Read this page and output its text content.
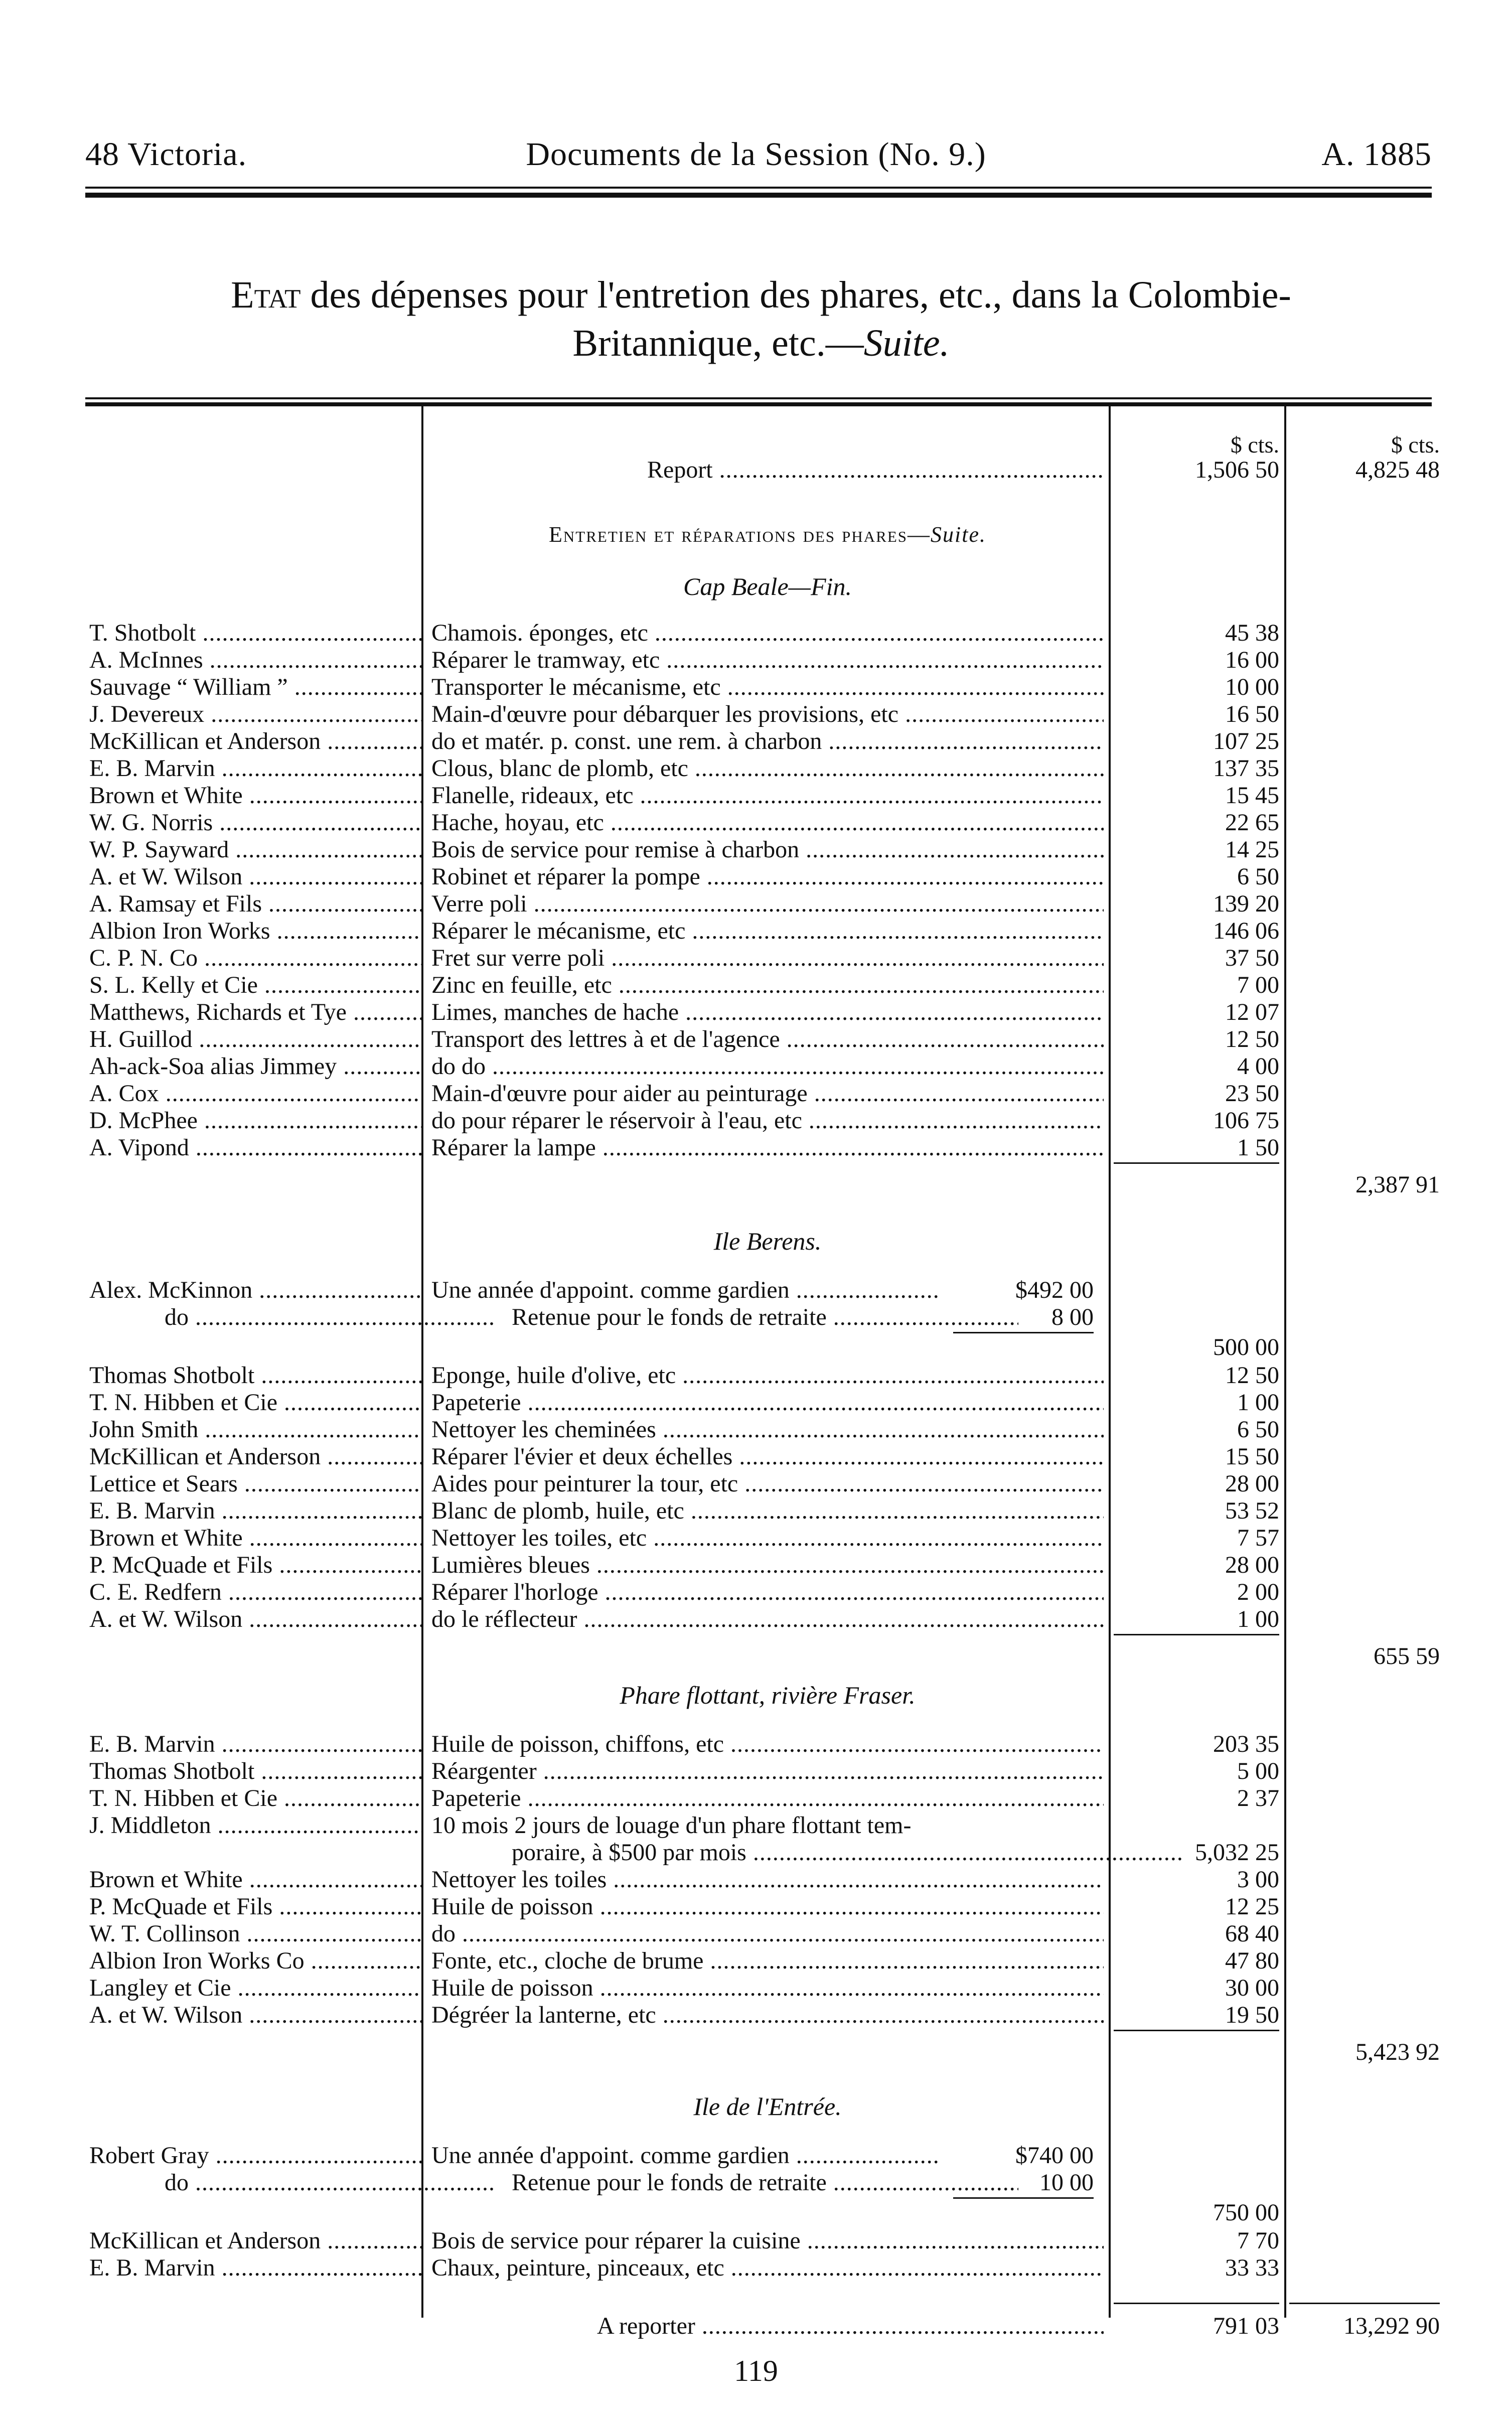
48 Victoria.	Documents de la Session (No. 9.)	A. 1885
Etat des dépenses pour l'entretion des phares, etc., dans la Colombie-
Britannique, etc.—Suite.
$ cts.	$ cts.
Report .....	1,506 50	4,825 48
Entretien et réparations des phares—Suite.
Cap Beale—Fin.
T. Shotbolt .....	Chamois. éponges, etc .....	45 38
A. McInnes .....	Réparer le tramway, etc .....	16 00
Sauvage “ William ” .....	Transporter le mécanisme, etc .....	10 00
J. Devereux .....	Main-d'œuvre pour débarquer les provisions, etc .....	16 50
McKillican et Anderson .....	do et matér. p. const. une rem. à charbon .....	107 25
E. B. Marvin .....	Clous, blanc de plomb, etc .....	137 35
Brown et White .....	Flanelle, rideaux, etc .....	15 45
W. G. Norris .....	Hache, hoyau, etc .....	22 65
W. P. Sayward .....	Bois de service pour remise à charbon .....	14 25
A. et W. Wilson .....	Robinet et réparer la pompe .....	6 50
A. Ramsay et Fils .....	Verre poli .....	139 20
Albion Iron Works .....	Réparer le mécanisme, etc .....	146 06
C. P. N. Co .....	Fret sur verre poli .....	37 50
S. L. Kelly et Cie .....	Zinc en feuille, etc .....	7 00
Matthews, Richards et Tye .....	Limes, manches de hache .....	12 07
H. Guillod .....	Transport des lettres à et de l'agence .....	12 50
Ah-ack-Soa alias Jimmey .....	do do .....	4 00
A. Cox .....	Main-d'œuvre pour aider au peinturage .....	23 50
D. McPhee .....	do pour réparer le réservoir à l'eau, etc .....	106 75
A. Vipond .....	Réparer la lampe .....	1 50
2,387 91
Ile Berens.
Alex. McKinnon .....	Une année d'appoint. comme gardien .....	$492 00
do .....	Retenue pour le fonds de retraite .....	8 00
500 00
Thomas Shotbolt .....	Eponge, huile d'olive, etc .....	12 50
T. N. Hibben et Cie .....	Papeterie .....	1 00
John Smith .....	Nettoyer les cheminées .....	6 50
McKillican et Anderson .....	Réparer l'évier et deux échelles .....	15 50
Lettice et Sears .....	Aides pour peinturer la tour, etc .....	28 00
E. B. Marvin .....	Blanc de plomb, huile, etc .....	53 52
Brown et White .....	Nettoyer les toiles, etc .....	7 57
P. McQuade et Fils .....	Lumières bleues .....	28 00
C. E. Redfern .....	Réparer l'horloge .....	2 00
A. et W. Wilson .....	do le réflecteur .....	1 00
655 59
Phare flottant, rivière Fraser.
E. B. Marvin .....	Huile de poisson, chiffons, etc .....	203 35
Thomas Shotbolt .....	Réargenter .....	5 00
T. N. Hibben et Cie .....	Papeterie .....	2 37
J. Middleton .....	10 mois 2 jours de louage d'un phare flottant tem-
poraire, à $500 par mois .....	5,032 25
Brown et White .....	Nettoyer les toiles .....	3 00
P. McQuade et Fils .....	Huile de poisson .....	12 25
W. T. Collinson .....	do .....	68 40
Albion Iron Works Co .....	Fonte, etc., cloche de brume .....	47 80
Langley et Cie .....	Huile de poisson .....	30 00
A. et W. Wilson .....	Dégréer la lanterne, etc .....	19 50
5,423 92
Ile de l'Entrée.
Robert Gray .....	Une année d'appoint. comme gardien .....	$740 00
do .....	Retenue pour le fonds de retraite .....	10 00
750 00
McKillican et Anderson .....	Bois de service pour réparer la cuisine .....	7 70
E. B. Marvin .....	Chaux, peinture, pinceaux, etc .....	33 33
A reporter .....	791 03	13,292 90
119
